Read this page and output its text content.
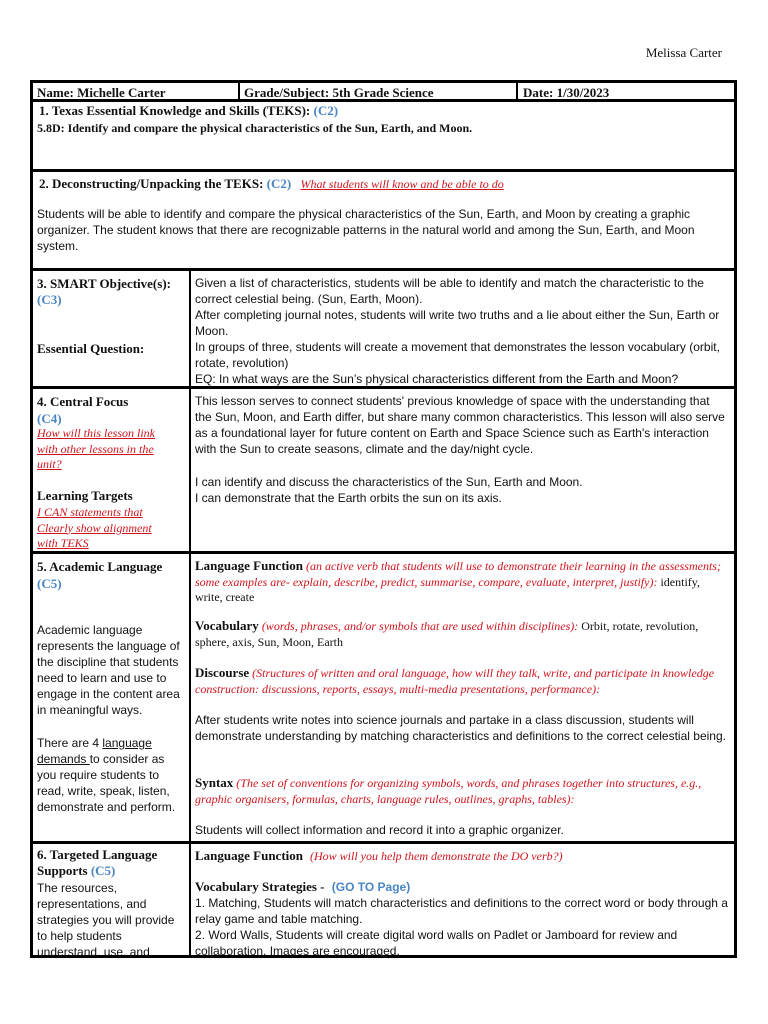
Melissa Carter
Name: Michelle Carter	Grade/Subject: 5th Grade Science	Date: 1/30/2023
1. Texas Essential Knowledge and Skills (TEKS): (C2)
5.8D: Identify and compare the physical characteristics of the Sun, Earth, and Moon.
2. Deconstructing/Unpacking the TEKS: (C2) What students will know and be able to do
Students will be able to identify and compare the physical characteristics of the Sun, Earth, and Moon by creating a graphic organizer. The student knows that there are recognizable patterns in the natural world and among the Sun, Earth, and Moon system.
3. SMART Objective(s): (C3)
Essential Question:

Given a list of characteristics, students will be able to identify and match the characteristic to the correct celestial being. (Sun, Earth, Moon).

After completing journal notes, students will write two truths and a lie about either the Sun, Earth or Moon.

In groups of three, students will create a movement that demonstrates the lesson vocabulary (orbit, rotate, revolution)

EQ: In what ways are the Sun’s physical characteristics different from the Earth and Moon?

4. Central Focus
(C4)
How will this lesson link with other lessons in the unit?
Learning Targets
I CAN statements that Clearly show alignment with TEKS
This lesson serves to connect students' previous knowledge of space with the understanding that the Sun, Moon, and Earth differ, but share many common characteristics. This lesson will also serve as a foundational layer for future content on Earth and Space Science such as Earth's interaction with the Sun to create seasons, climate and the day/night cycle.

I can identify and discuss the characteristics of the Sun, Earth and Moon.

I can demonstrate that the Earth orbits the sun on its axis.

5. Academic Language
(C5)
Academic language represents the language of the discipline that students need to learn and use to engage in the content area in meaningful ways.
There are 4 language demands to consider as you require students to read, write, speak, listen, demonstrate and perform.
Language Function (an active verb that students will use to demonstrate their learning in the assessments; some examples are- explain, describe, predict, summarise, compare, evaluate, interpret, justify): identify, write, create
Vocabulary (words, phrases, and/or symbols that are used within disciplines): Orbit, rotate, revolution, sphere, axis, Sun, Moon, Earth
Discourse (Structures of written and oral language, how will they talk, write, and participate in knowledge construction: discussions, reports, essays, multi-media presentations, performance):
After students write notes into science journals and partake in a class discussion, students will demonstrate understanding by matching characteristics and definitions to the correct celestial being.
Syntax (The set of conventions for organizing symbols, words, and phrases together into structures, e.g., graphic organisers, formulas, charts, language rules, outlines, graphs, tables):
Students will collect information and record it into a graphic organizer.
6. Targeted Language Supports (C5)
The resources, representations, and strategies you will provide to help students understand, use, and
Language Function (How will you help them demonstrate the DO verb?)
Vocabulary Strategies - (GO TO Page)

1. Matching, Students will match characteristics and definitions to the correct word or body through a relay game and table matching.

2. Word Walls, Students will create digital word walls on Padlet or Jamboard for review and collaboration. Images are encouraged.
